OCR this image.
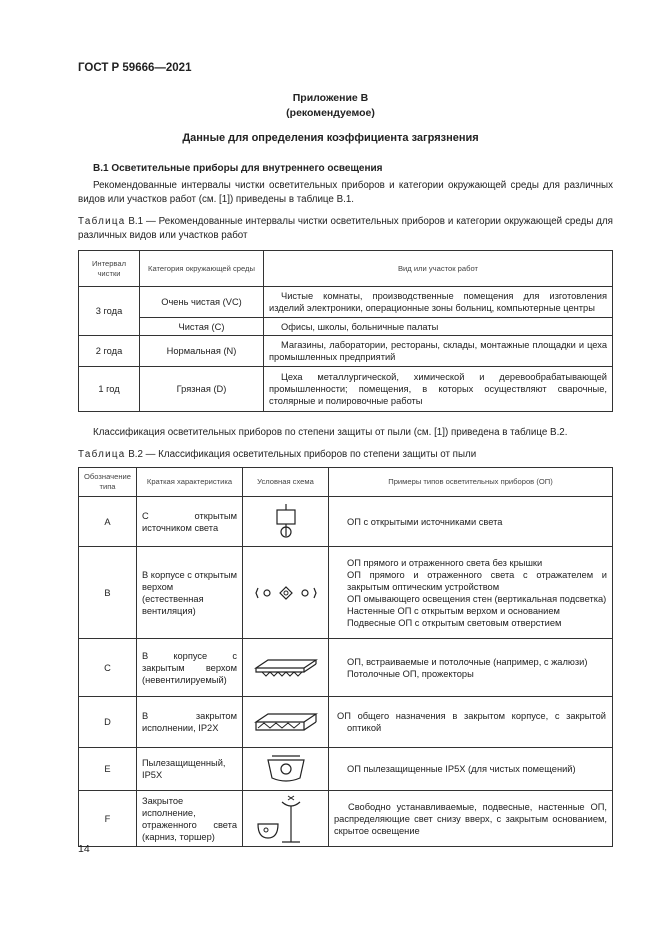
ГОСТ Р 59666—2021
Приложение В
(рекомендуемое)
Данные для определения коэффициента загрязнения
В.1 Осветительные приборы для внутреннего освещения
Рекомендованные интервалы чистки осветительных приборов и категории окружающей среды для различных видов или участков работ (см. [1]) приведены в таблице В.1.
Таблица В.1 — Рекомендованные интервалы чистки осветительных приборов и категории окружающей среды для различных видов или участков работ
Интервал чистки	Категория окружающей среды	Вид или участок работ
3 года	Очень чистая (VC)	Чистые комнаты, производственные помещения для изготовления изделий электроники, операционные зоны больниц, компьютерные центры
	Чистая (С)	Офисы, школы, больничные палаты
2 года	Нормальная (N)	Магазины, лаборатории, рестораны, склады, монтажные площадки и цеха промышленных предприятий
1 год	Грязная (D)	Цеха металлургической, химической и деревообрабатывающей промышленности; помещения, в которых осуществляют сварочные, столярные и полировочные работы
Классификация осветительных приборов по степени защиты от пыли (см. [1]) приведена в таблице В.2.
Таблица В.2 — Классификация осветительных приборов по степени защиты от пыли
Обозначение типа	Краткая характеристика	Условная схема	Примеры типов осветительных приборов (ОП)
A	С открытым источником света		ОП с открытыми источниками света
B	В корпусе с открытым верхом (естественная вентиляция)		ОП прямого и отраженного света без крышки
ОП прямого и отраженного света с отражателем и закрытым оптическим устройством
ОП омывающего освещения стен (вертикальная подсветка)
Настенные ОП с открытым верхом и основанием
Подвесные ОП с открытым световым отверстием
C	В корпусе с закрытым верхом (невентилируемый)		ОП, встраиваемые и потолочные (например, с жалюзи)
Потолочные ОП, прожекторы
D	В закрытом исполнении, IP2X		ОП общего назначения в закрытом корпусе, с закрытой оптикой
E	Пылезащищенный, IP5X		ОП пылезащищенные IP5X (для чистых помещений)
F	Закрытое исполнение, отраженного света (карниз, торшер)		Свободно устанавливаемые, подвесные, настенные ОП, распределяющие свет снизу вверх, с закрытым основанием, скрытое освещение
14
